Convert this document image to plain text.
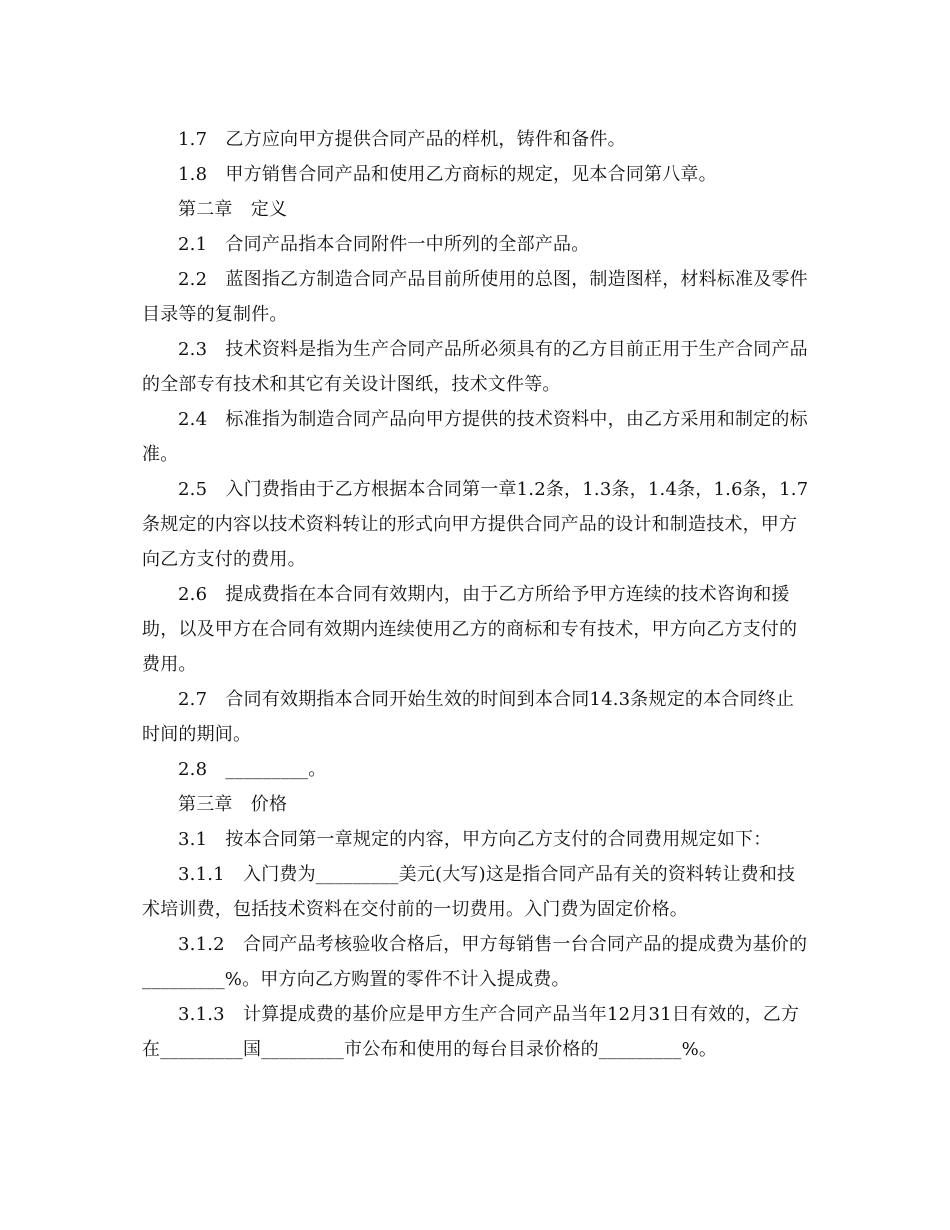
1.7　乙方应向甲方提供合同产品的样机，铸件和备件。

1.8　甲方销售合同产品和使用乙方商标的规定，见本合同第八章。

第二章　定义

2.1　合同产品指本合同附件一中所列的全部产品。

2.2　蓝图指乙方制造合同产品目前所使用的总图，制造图样，材料标准及零件目录等的复制件。

2.3　技术资料是指为生产合同产品所必须具有的乙方目前正用于生产合同产品的全部专有技术和其它有关设计图纸，技术文件等。

2.4　标准指为制造合同产品向甲方提供的技术资料中，由乙方采用和制定的标准。

2.5　入门费指由于乙方根据本合同第一章1.2条，1.3条，1.4条，1.6条，1.7条规定的内容以技术资料转让的形式向甲方提供合同产品的设计和制造技术，甲方向乙方支付的费用。

2.6　提成费指在本合同有效期内，由于乙方所给予甲方连续的技术咨询和援助，以及甲方在合同有效期内连续使用乙方的商标和专有技术，甲方向乙方支付的费用。

2.7　合同有效期指本合同开始生效的时间到本合同14.3条规定的本合同终止时间的期间。

2.8　_________。

第三章　价格

3.1　按本合同第一章规定的内容，甲方向乙方支付的合同费用规定如下：

3.1.1　入门费为_________美元(大写)这是指合同产品有关的资料转让费和技术培训费，包括技术资料在交付前的一切费用。入门费为固定价格。

3.1.2　合同产品考核验收合格后，甲方每销售一台合同产品的提成费为基价的_________%。甲方向乙方购置的零件不计入提成费。

3.1.3　计算提成费的基价应是甲方生产合同产品当年12月31日有效的，乙方在_________国_________市公布和使用的每台目录价格的_________%。
